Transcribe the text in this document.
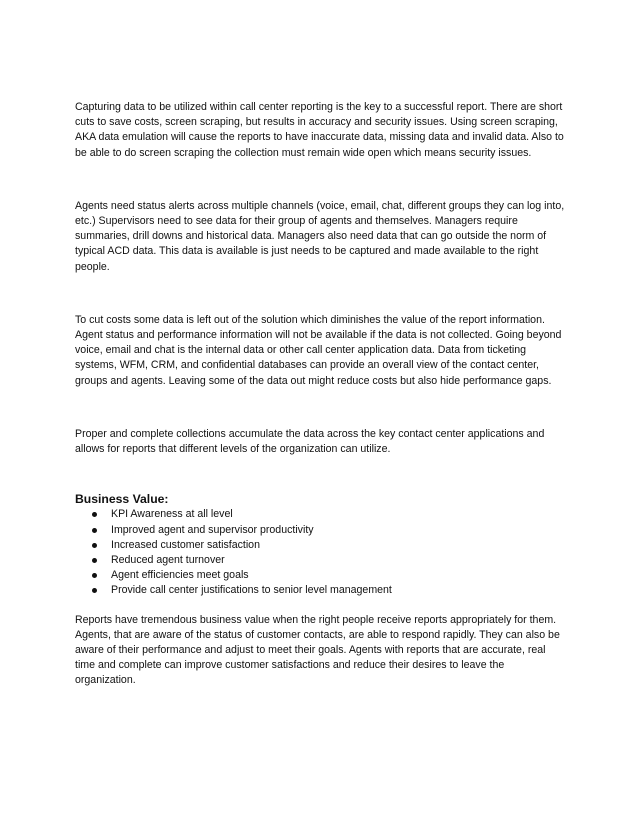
Capturing data to be utilized within call center reporting is the key to a successful report. There are short cuts to save costs, screen scraping, but results in accuracy and security issues. Using screen scraping, AKA data emulation will cause the reports to have inaccurate data, missing data and invalid data. Also to be able to do screen scraping the collection must remain wide open which means security issues.

Agents need status alerts across multiple channels (voice, email, chat, different groups they can log into, etc.) Supervisors need to see data for their group of agents and themselves. Managers require summaries, drill downs and historical data. Managers also need data that can go outside the norm of typical ACD data. This data is available is just needs to be captured and made available to the right people.

To cut costs some data is left out of the solution which diminishes the value of the report information. Agent status and performance information will not be available if the data is not collected. Going beyond voice, email and chat is the internal data or other call center application data. Data from ticketing systems, WFM, CRM, and confidential databases can provide an overall view of the contact center, groups and agents. Leaving some of the data out might reduce costs but also hide performance gaps.

Proper and complete collections accumulate the data across the key contact center applications and allows for reports that different levels of the organization can utilize.

Business Value:
KPI Awareness at all level
Improved agent and supervisor productivity
Increased customer satisfaction
Reduced agent turnover
Agent efficiencies meet goals
Provide call center justifications to senior level management

Reports have tremendous business value when the right people receive reports appropriately for them. Agents, that are aware of the status of customer contacts, are able to respond rapidly. They can also be aware of their performance and adjust to meet their goals. Agents with reports that are accurate, real time and complete can improve customer satisfactions and reduce their desires to leave the organization.
